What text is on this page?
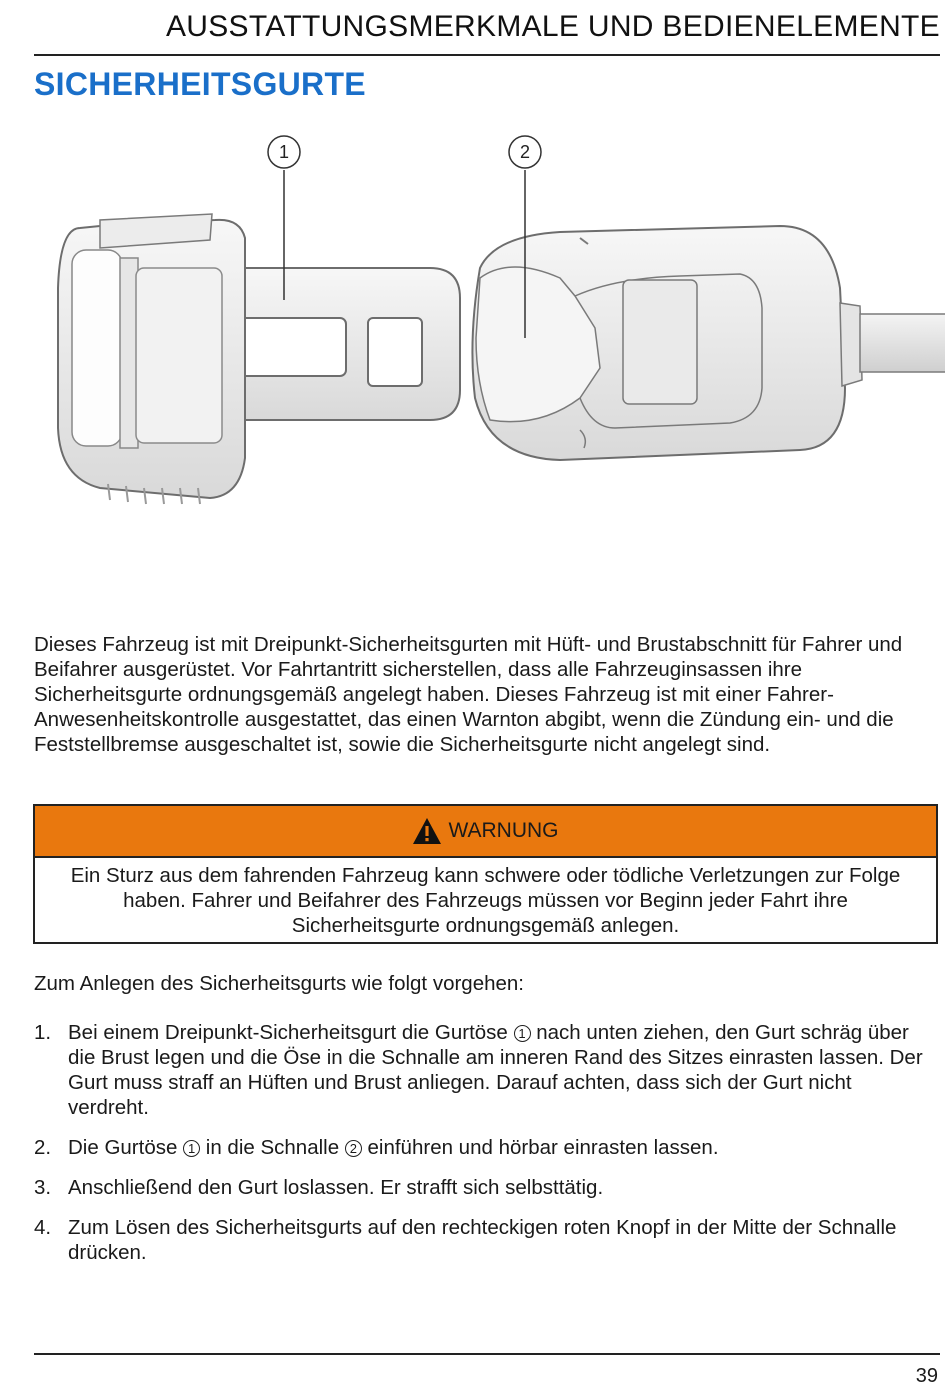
AUSSTATTUNGSMERKMALE UND BEDIENELEMENTE
SICHERHEITSGURTE
1	2

Dieses Fahrzeug ist mit Dreipunkt-Sicherheitsgurten mit Hüft- und Brustabschnitt für Fahrer und Beifahrer ausgerüstet. Vor Fahrtantritt sicherstellen, dass alle Fahrzeuginsassen ihre Sicherheitsgurte ordnungsgemäß angelegt haben. Dieses Fahrzeug ist mit einer Fahrer-Anwesenheitskontrolle ausgestattet, das einen Warnton abgibt, wenn die Zündung ein- und die Feststellbremse ausgeschaltet ist, sowie die Sicherheitsgurte nicht angelegt sind.

WARNUNG
Ein Sturz aus dem fahrenden Fahrzeug kann schwere oder tödliche Verletzungen zur Folge haben. Fahrer und Beifahrer des Fahrzeugs müssen vor Beginn jeder Fahrt ihre Sicherheitsgurte ordnungsgemäß anlegen.

Zum Anlegen des Sicherheitsgurts wie folgt vorgehen:

1. Bei einem Dreipunkt-Sicherheitsgurt die Gurtöse 1 nach unten ziehen, den Gurt schräg über die Brust legen und die Öse in die Schnalle am inneren Rand des Sitzes einrasten lassen. Der Gurt muss straff an Hüften und Brust anliegen. Darauf achten, dass sich der Gurt nicht verdreht.
2. Die Gurtöse 1 in die Schnalle 2 einführen und hörbar einrasten lassen.
3. Anschließend den Gurt loslassen. Er strafft sich selbsttätig.
4. Zum Lösen des Sicherheitsgurts auf den rechteckigen roten Knopf in der Mitte der Schnalle drücken.
39
